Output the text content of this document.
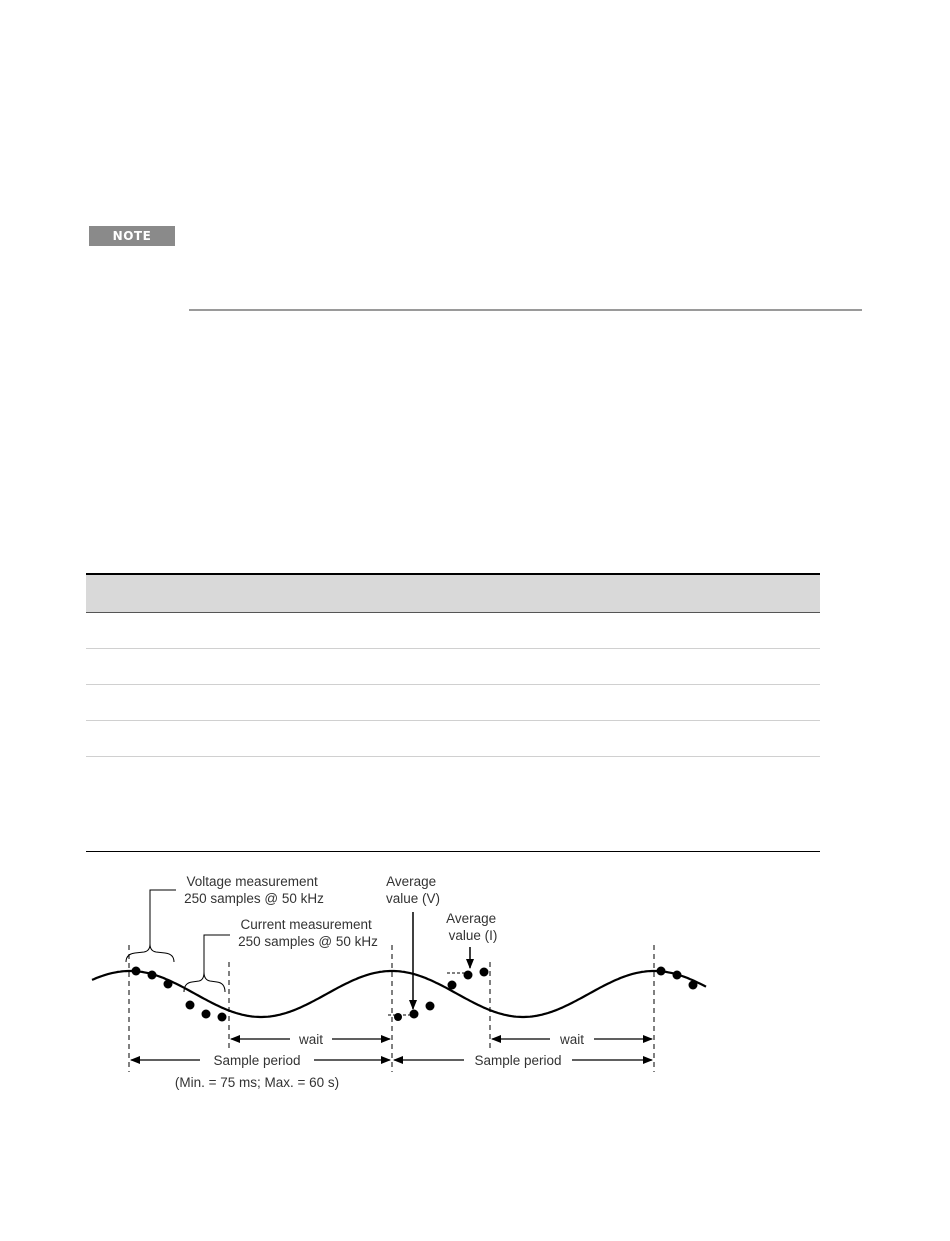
NOTE
Voltage measurement 250 samples @ 50 kHz
Current measurement 250 samples @ 50 kHz
Average value (V)
Average value (I)
wait	wait
Sample period	Sample period
(Min. = 75 ms; Max. = 60 s)
